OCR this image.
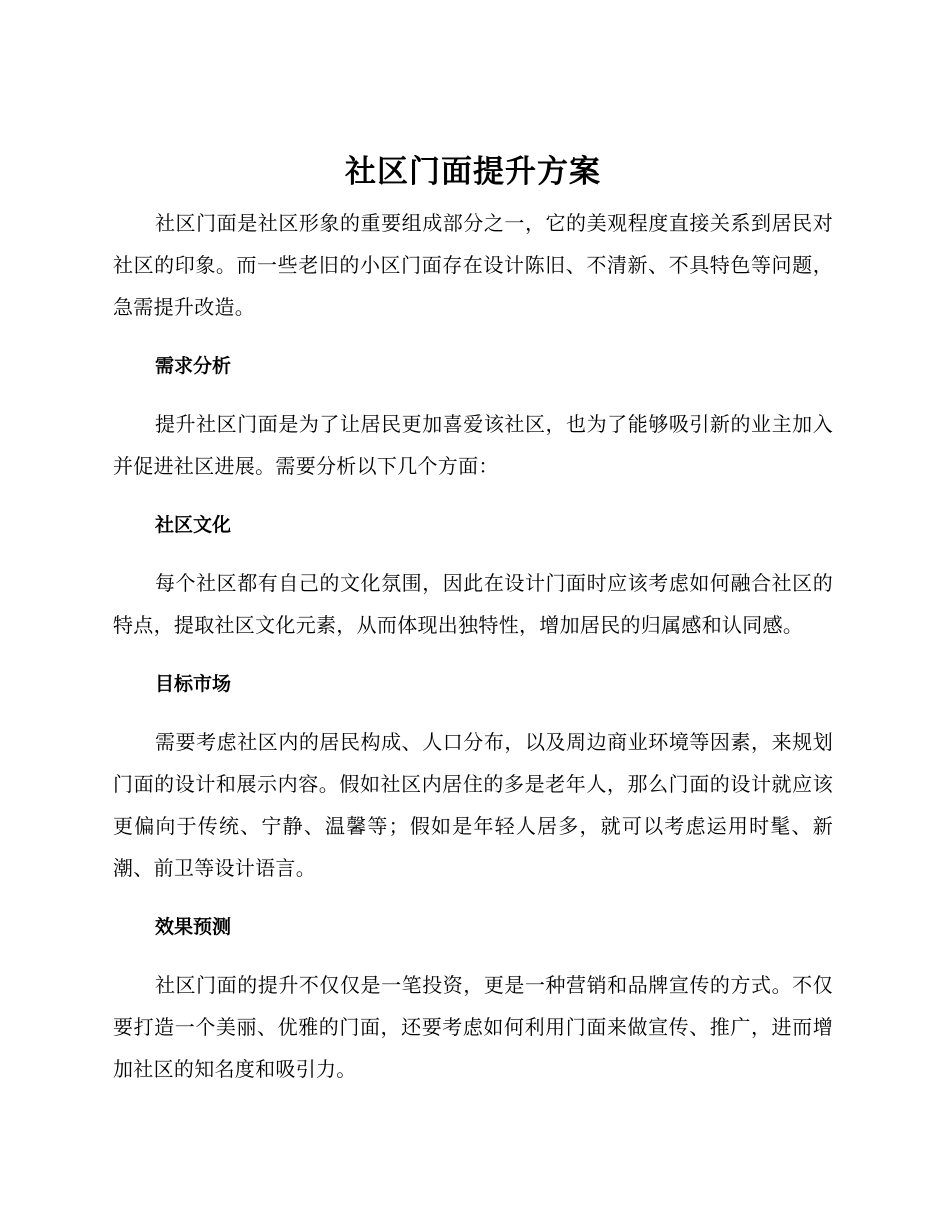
社区门面提升方案

社区门面是社区形象的重要组成部分之一，它的美观程度直接关系到居民对社区的印象。而一些老旧的小区门面存在设计陈旧、不清新、不具特色等问题，急需提升改造。

需求分析

提升社区门面是为了让居民更加喜爱该社区，也为了能够吸引新的业主加入并促进社区进展。需要分析以下几个方面：

社区文化

每个社区都有自己的文化氛围，因此在设计门面时应该考虑如何融合社区的特点，提取社区文化元素，从而体现出独特性，增加居民的归属感和认同感。

目标市场

需要考虑社区内的居民构成、人口分布，以及周边商业环境等因素，来规划门面的设计和展示内容。假如社区内居住的多是老年人，那么门面的设计就应该更偏向于传统、宁静、温馨等；假如是年轻人居多，就可以考虑运用时髦、新潮、前卫等设计语言。

效果预测

社区门面的提升不仅仅是一笔投资，更是一种营销和品牌宣传的方式。不仅要打造一个美丽、优雅的门面，还要考虑如何利用门面来做宣传、推广，进而增加社区的知名度和吸引力。
